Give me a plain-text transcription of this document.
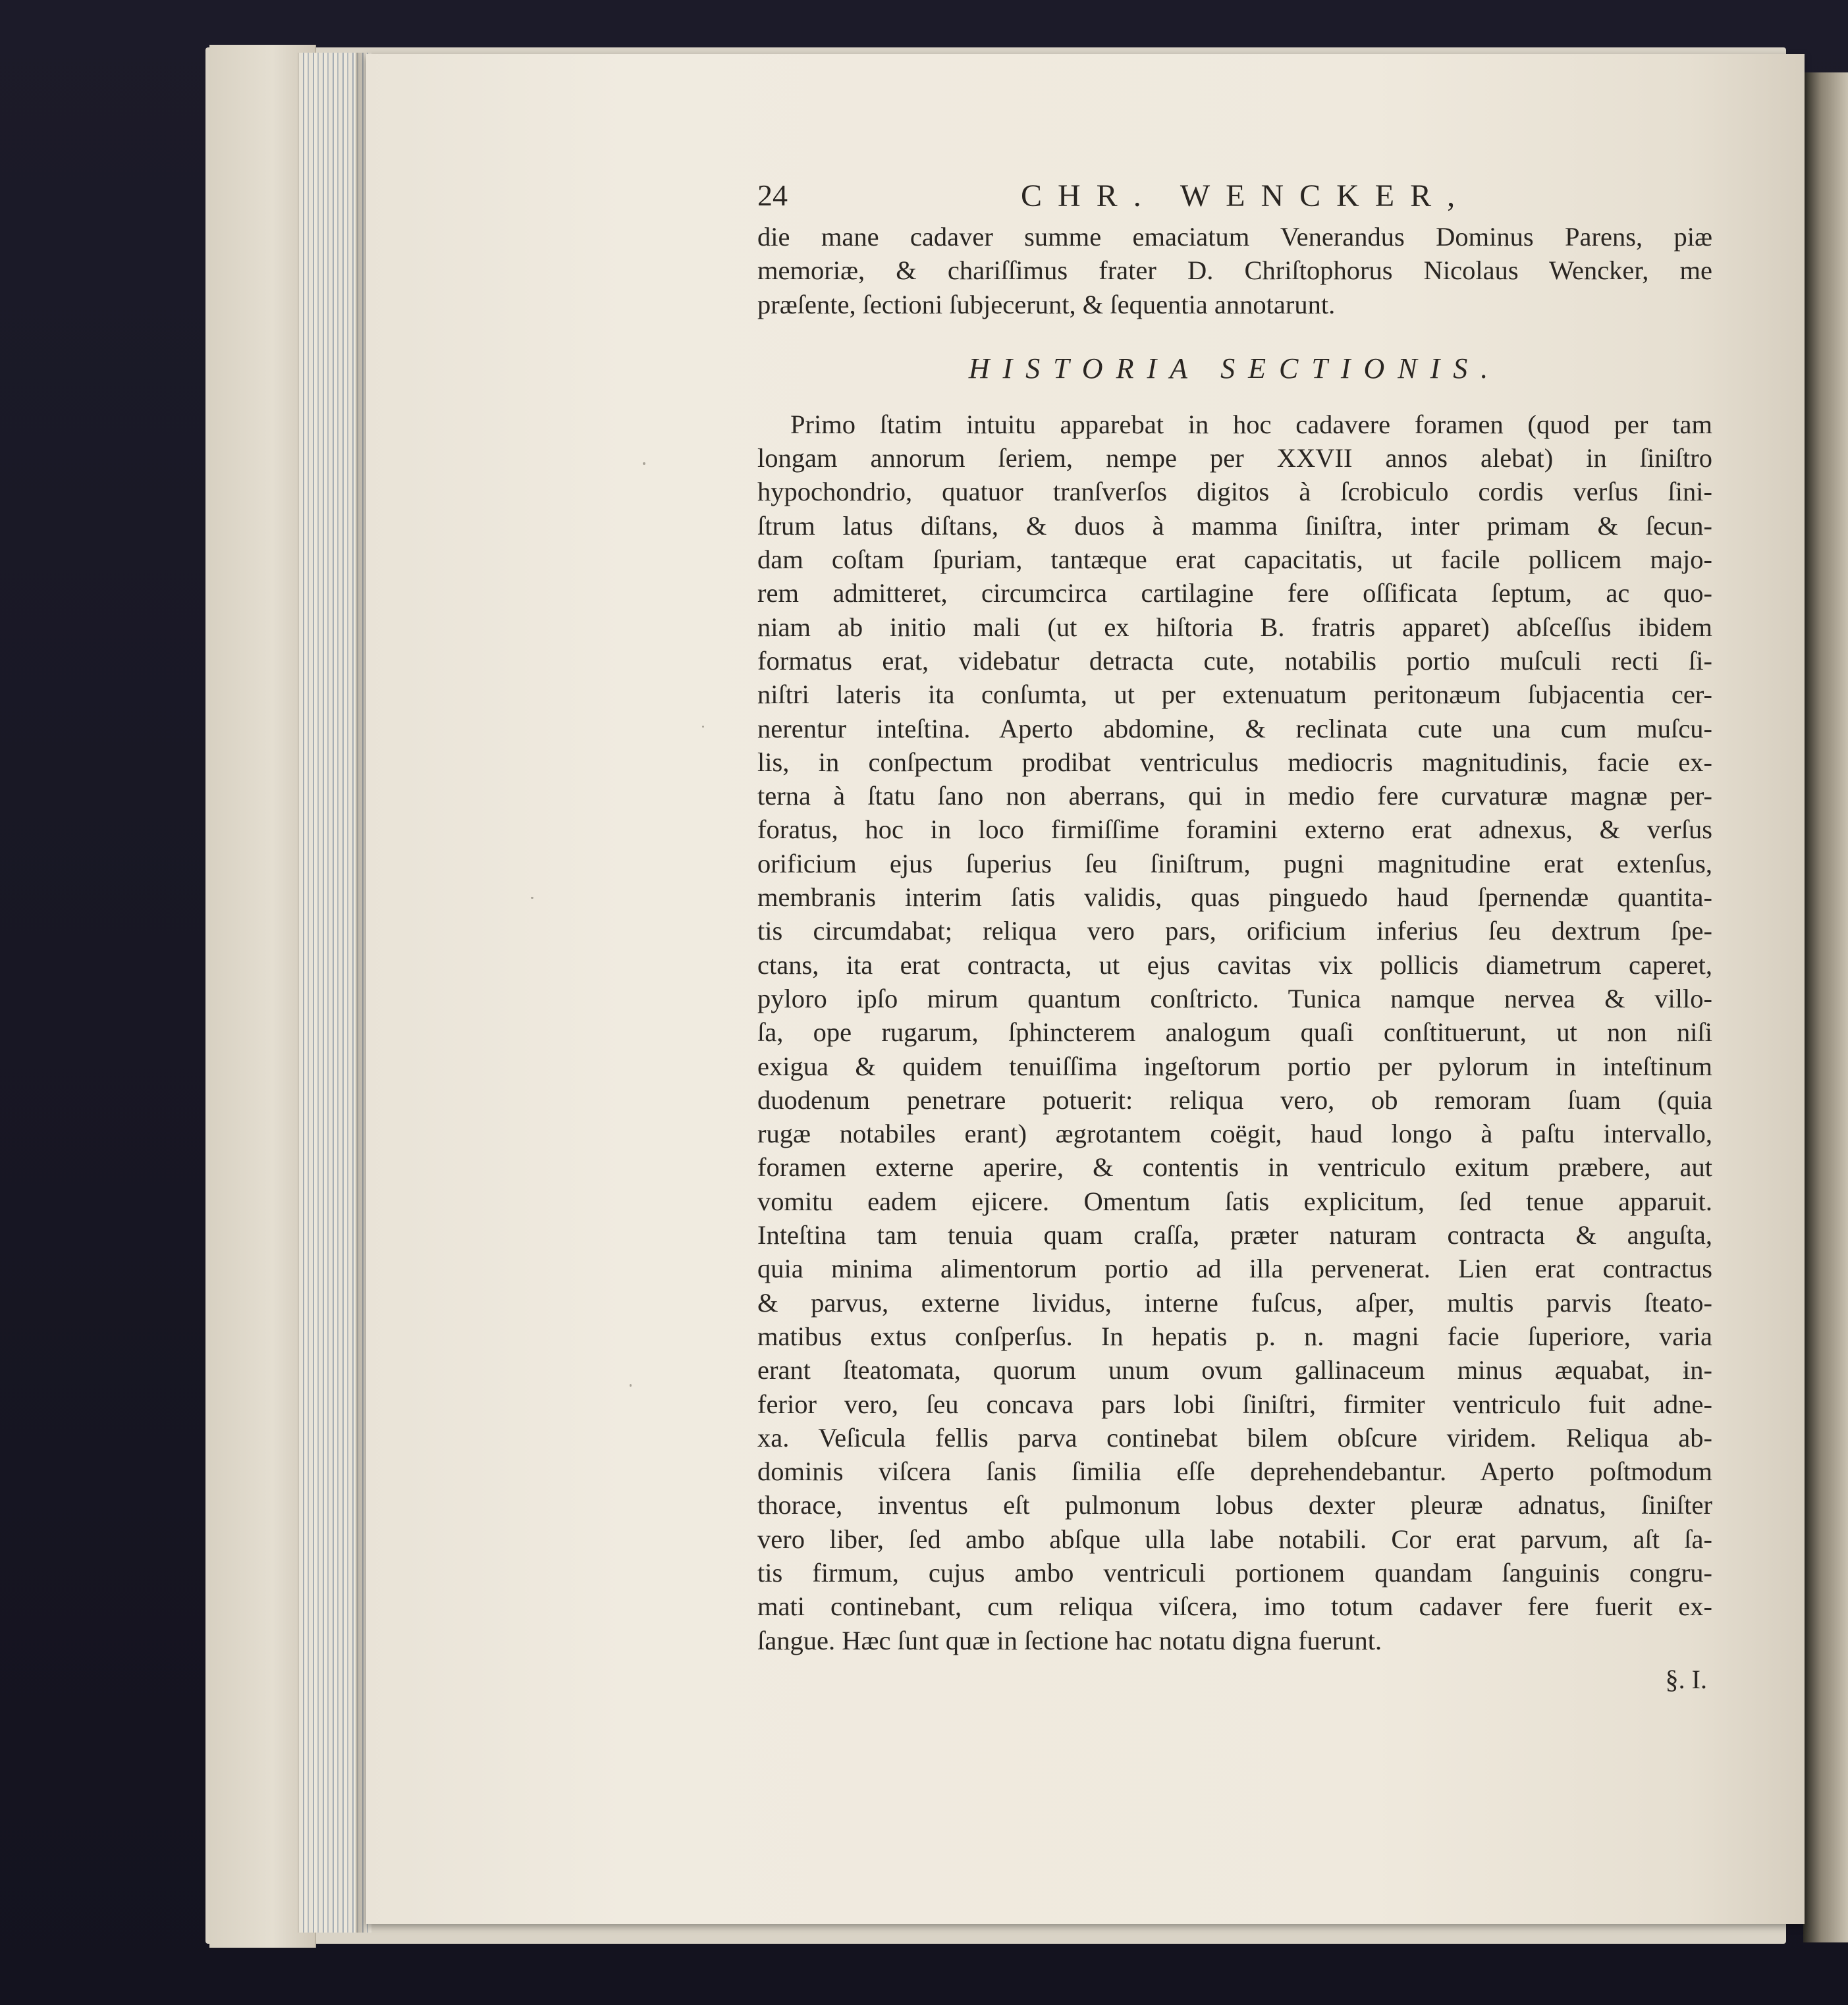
24	CHR. WENCKER,

die mane cadaver summe emaciatum Venerandus Dominus Parens, piæ
memoriæ, & chariſſimus frater D. Chriſtophorus Nicolaus Wencker, me
præſente, ſectioni ſubjecerunt, & ſequentia annotarunt.

HISTORIA SECTIONIS.

Primo ſtatim intuitu apparebat in hoc cadavere foramen (quod per tam
longam annorum ſeriem, nempe per XXVII annos alebat) in ſiniſtro
hypochondrio, quatuor tranſverſos digitos à ſcrobiculo cordis verſus ſini-
ſtrum latus diſtans, & duos à mamma ſiniſtra, inter primam & ſecun-
dam coſtam ſpuriam, tantæque erat capacitatis, ut facile pollicem majo-
rem admitteret, circumcirca cartilagine fere oſſificata ſeptum, ac quo-
niam ab initio mali (ut ex hiſtoria B. fratris apparet) abſceſſus ibidem
formatus erat, videbatur detracta cute, notabilis portio muſculi recti ſi-
niſtri lateris ita conſumta, ut per extenuatum peritonæum ſubjacentia cer-
nerentur inteſtina. Aperto abdomine, & reclinata cute una cum muſcu-
lis, in conſpectum prodibat ventriculus mediocris magnitudinis, facie ex-
terna à ſtatu ſano non aberrans, qui in medio fere curvaturæ magnæ per-
foratus, hoc in loco firmiſſime foramini externo erat adnexus, & verſus
orificium ejus ſuperius ſeu ſiniſtrum, pugni magnitudine erat extenſus,
membranis interim ſatis validis, quas pinguedo haud ſpernendæ quantita-
tis circumdabat; reliqua vero pars, orificium inferius ſeu dextrum ſpe-
ctans, ita erat contracta, ut ejus cavitas vix pollicis diametrum caperet,
pyloro ipſo mirum quantum conſtricto. Tunica namque nervea & villo-
ſa, ope rugarum, ſphincterem analogum quaſi conſtituerunt, ut non niſi
exigua & quidem tenuiſſima ingeſtorum portio per pylorum in inteſtinum
duodenum penetrare potuerit: reliqua vero, ob remoram ſuam (quia
rugæ notabiles erant) ægrotantem coëgit, haud longo à paſtu intervallo,
foramen externe aperire, & contentis in ventriculo exitum præbere, aut
vomitu eadem ejicere. Omentum ſatis explicitum, ſed tenue apparuit.
Inteſtina tam tenuia quam craſſa, præter naturam contracta & anguſta,
quia minima alimentorum portio ad illa pervenerat. Lien erat contractus
& parvus, externe lividus, interne fuſcus, aſper, multis parvis ſteato-
matibus extus conſperſus. In hepatis p. n. magni facie ſuperiore, varia
erant ſteatomata, quorum unum ovum gallinaceum minus æquabat, in-
ferior vero, ſeu concava pars lobi ſiniſtri, firmiter ventriculo fuit adne-
xa. Veſicula fellis parva continebat bilem obſcure viridem. Reliqua ab-
dominis viſcera ſanis ſimilia eſſe deprehendebantur. Aperto poſtmodum
thorace, inventus eſt pulmonum lobus dexter pleuræ adnatus, ſiniſter
vero liber, ſed ambo abſque ulla labe notabili. Cor erat parvum, aſt ſa-
tis firmum, cujus ambo ventriculi portionem quandam ſanguinis congru-
mati continebant, cum reliqua viſcera, imo totum cadaver fere fuerit ex-
ſangue. Hæc ſunt quæ in ſectione hac notatu digna fuerunt.

§. I.
